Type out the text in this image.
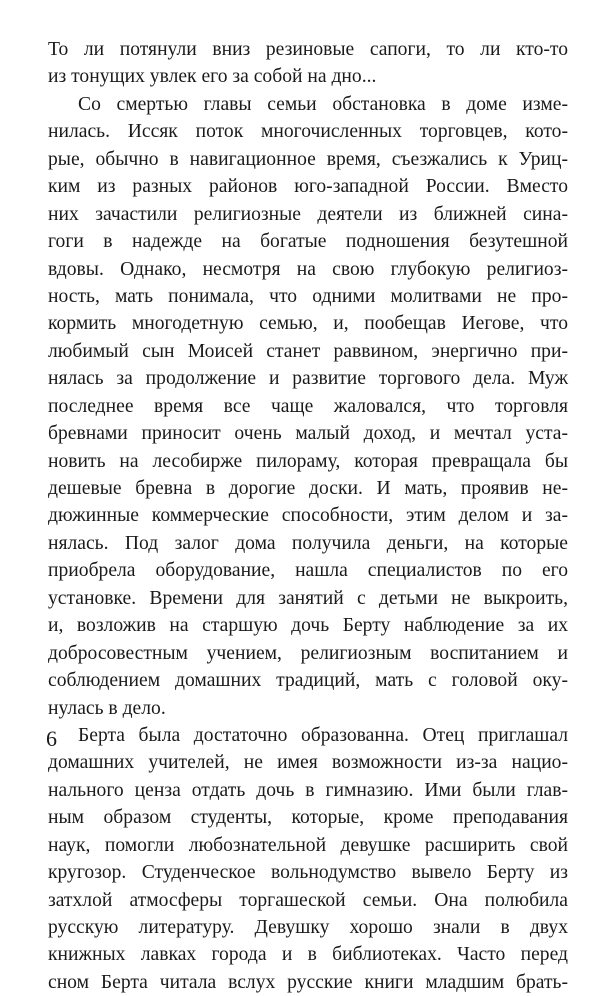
То ли потянули вниз резиновые сапоги, то ли кто-то
из тонущих увлек его за собой на дно...
Со смертью главы семьи обстановка в доме изме-
нилась. Иссяк поток многочисленных торговцев, кото-
рые, обычно в навигационное время, съезжались к Уриц-
ким из разных районов юго-западной России. Вместо
них зачастили религиозные деятели из ближней сина-
гоги в надежде на богатые подношения безутешной
вдовы. Однако, несмотря на свою глубокую религиоз-
ность, мать понимала, что одними молитвами не про-
кормить многодетную семью, и, пообещав Иегове, что
любимый сын Моисей станет раввином, энергично при-
нялась за продолжение и развитие торгового дела. Муж
последнее время все чаще жаловался, что торговля
бревнами приносит очень малый доход, и мечтал уста-
новить на лесобирже пилораму, которая превращала бы
дешевые бревна в дорогие доски. И мать, проявив не-
дюжинные коммерческие способности, этим делом и за-
нялась. Под залог дома получила деньги, на которые
приобрела оборудование, нашла специалистов по его
установке. Времени для занятий с детьми не выкроить,
и, возложив на старшую дочь Берту наблюдение за их
добросовестным учением, религиозным воспитанием и
соблюдением домашних традиций, мать с головой оку-
нулась в дело.
Берта была достаточно образованна. Отец приглашал
домашних учителей, не имея возможности из-за нацио-
нального ценза отдать дочь в гимназию. Ими были глав-
ным образом студенты, которые, кроме преподавания
наук, помогли любознательной девушке расширить свой
кругозор. Студенческое вольнодумство вывело Берту из
затхлой атмосферы торгашеской семьи. Она полюбила
русскую литературу. Девушку хорошо знали в двух
книжных лавках города и в библиотеках. Часто перед
сном Берта читала вслух русские книги младшим брать-
6
